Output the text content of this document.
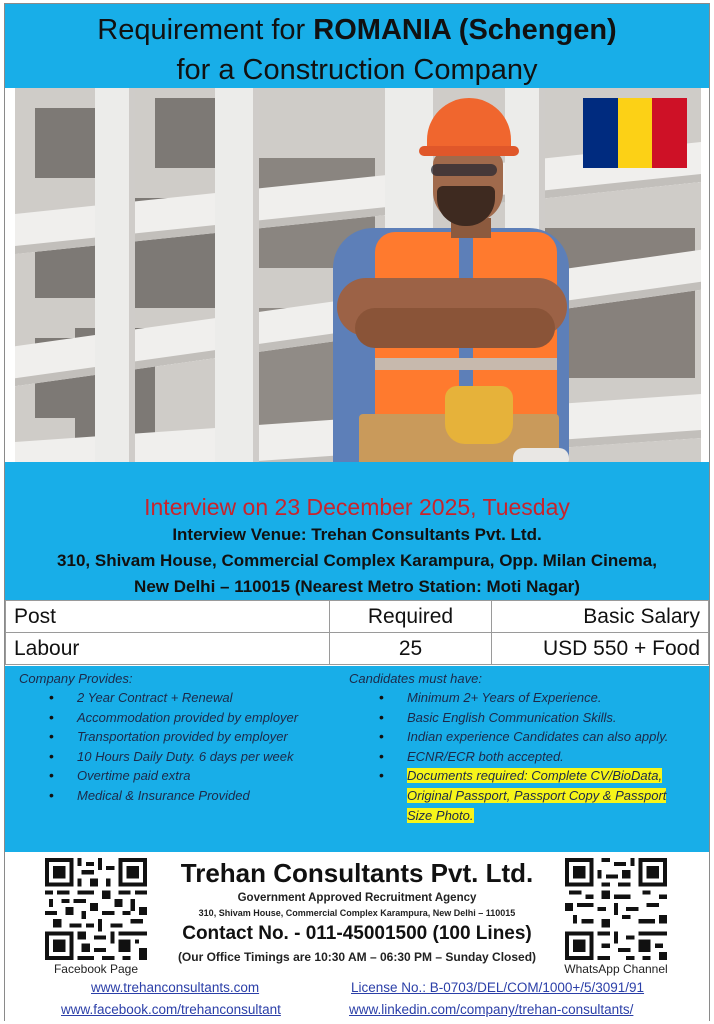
Requirement for ROMANIA (Schengen)
for a Construction Company
Interview on 23 December 2025, Tuesday
Interview Venue: Trehan Consultants Pvt. Ltd.
310, Shivam House, Commercial Complex Karampura, Opp. Milan Cinema,
New Delhi – 110015 (Nearest Metro Station: Moti Nagar)
Post	Required	Basic Salary
Labour	25	USD 550 + Food
Company Provides:
• 2 Year Contract + Renewal
• Accommodation provided by employer
• Transportation provided by employer
• 10 Hours Daily Duty. 6 days per week
• Overtime paid extra
• Medical & Insurance Provided
Candidates must have:
• Minimum 2+ Years of Experience.
• Basic English Communication Skills.
• Indian experience Candidates can also apply.
• ECNR/ECR both accepted.
• Documents required: Complete CV/BioData,
Original Passport, Passport Copy & Passport
Size Photo.
Facebook Page
Trehan Consultants Pvt. Ltd.
Government Approved Recruitment Agency
310, Shivam House, Commercial Complex Karampura, New Delhi – 110015
Contact No. - 011-45001500 (100 Lines)
(Our Office Timings are 10:30 AM – 06:30 PM – Sunday Closed)
WhatsApp Channel
www.trehanconsultants.com	License No.: B-0703/DEL/COM/1000+/5/3091/91
www.facebook.com/trehanconsultant	www.linkedin.com/company/trehan-consultants/
